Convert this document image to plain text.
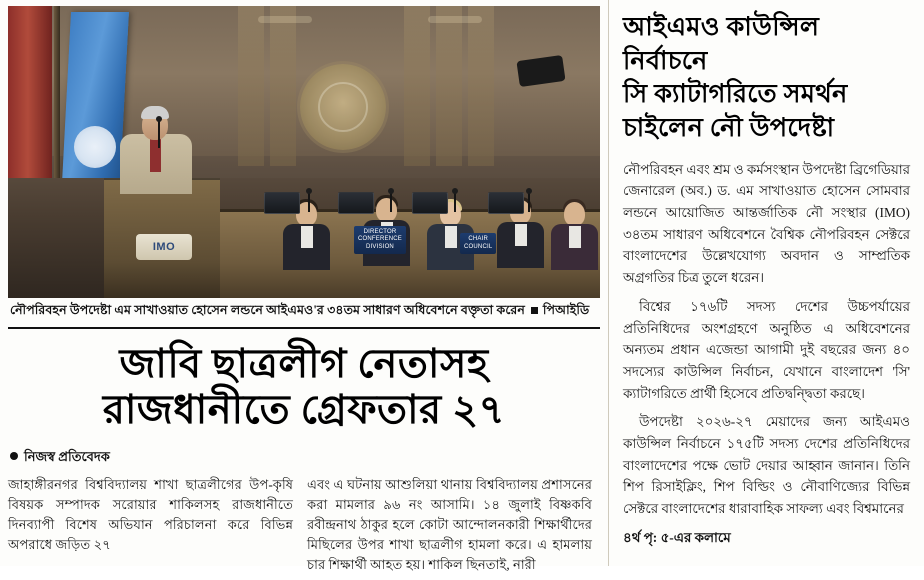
DIRECTOR
CONFERENCE
DIVISION
CHAIR
COUNCIL
IMO
নৌপরিবহন উপদেষ্টা এম সাখাওয়াত হোসেন লন্ডনে আইএমও'র ৩৪তম সাধারণ অধিবেশনে বক্তৃতা করেন পিআইডি
জাবি ছাত্রলীগ নেতাসহ
রাজধানীতে গ্রেফতার ২৭
নিজস্ব প্রতিবেদক

জাহাঙ্গীরনগর বিশ্ববিদ্যালয় শাখা ছাত্রলীগের উপ-কৃষি বিষয়ক সম্পাদক সরোয়ার শাকিলসহ রাজধানীতে দিনব্যাপী বিশেষ অভিযান পরিচালনা করে বিভিন্ন অপরাধে জড়িত ২৭

এবং এ ঘটনায় আশুলিয়া থানায় বিশ্ববিদ্যালয় প্রশাসনের করা মামলার ৯৬ নং আসামি। ১৪ জুলাই বিষ্ণকবি রবীন্দ্রনাথ ঠাকুর হলে কোটা আন্দোলনকারী শিক্ষার্থীদের মিছিলের উপর শাখা ছাত্রলীগ হামলা করে। এ হামলায় চার শিক্ষার্থী আহত হয়। শাকিল ছিনতাই, নারী

আইএমও কাউন্সিল নির্বাচনে
সি ক্যাটাগরিতে সমর্থন
চাইলেন নৌ উপদেষ্টা

নৌপরিবহন এবং শ্রম ও কর্মসংস্থান উপদেষ্টা ব্রিগেডিয়ার জেনারেল (অব.) ড. এম সাখাওয়াত হোসেন সোমবার লন্ডনে আয়োজিত আন্তর্জাতিক নৌ সংস্থার (IMO) ৩৪তম সাধারণ অধিবেশনে বৈশ্বিক নৌপরিবহন সেক্টরে বাংলাদেশের উল্লেখযোগ্য অবদান ও সাম্প্রতিক অগ্রগতির চিত্র তুলে ধরেন।

বিশ্বের ১৭৬টি সদস্য দেশের উচ্চপর্যায়ের প্রতিনিধিদের অংশগ্রহণে অনুষ্ঠিত এ অধিবেশনের অন্যতম প্রধান এজেন্ডা আগামী দুই বছরের জন্য ৪০ সদস্যের কাউন্সিল নির্বাচন, যেখানে বাংলাদেশ 'সি' ক্যাটাগরিতে প্রার্থী হিসেবে প্রতিদ্বন্দ্বিতা করছে।

উপদেষ্টা ২০২৬-২৭ মেয়াদের জন্য আইএমও কাউন্সিল নির্বাচনে ১৭৫টি সদস্য দেশের প্রতিনিধিদের বাংলাদেশের পক্ষে ভোট দেয়ার আহ্বান জানান। তিনি শিপ রিসাইক্লিং, শিপ বিল্ডিং ও নৌবাণিজ্যের বিভিন্ন সেক্টরে বাংলাদেশের ধারাবাহিক সাফল্য এবং বিশ্বমানের

৪র্থ পৃ: ৫-এর কলামে
